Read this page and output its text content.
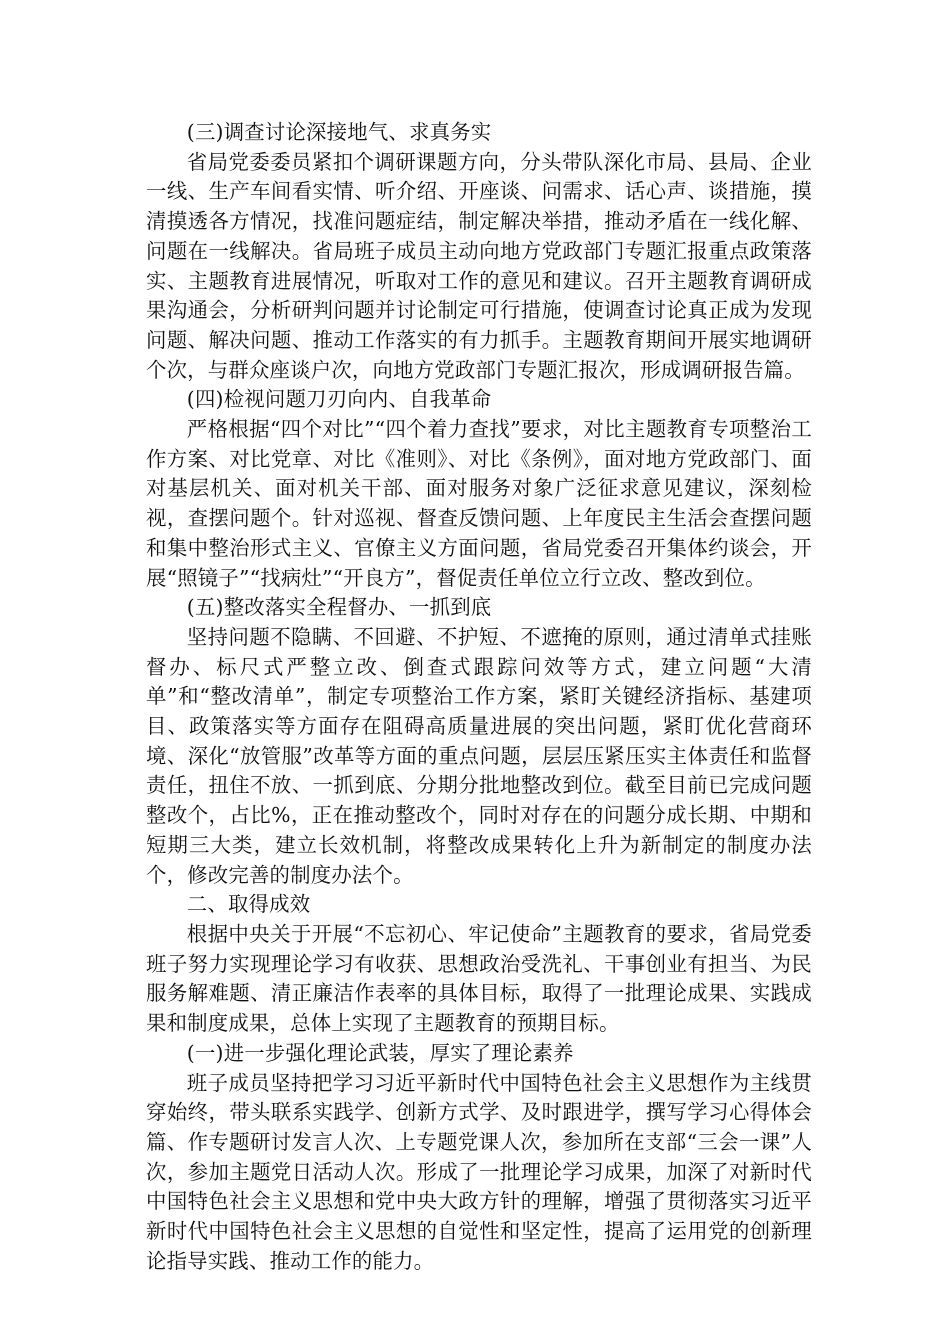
(三)调查讨论深接地气、求真务实

省局党委委员紧扣个调研课题方向，分头带队深化市局、县局、企业一线、生产车间看实情、听介绍、开座谈、问需求、话心声、谈措施，摸清摸透各方情况，找准问题症结，制定解决举措，推动矛盾在一线化解、问题在一线解决。省局班子成员主动向地方党政部门专题汇报重点政策落实、主题教育进展情况，听取对工作的意见和建议。召开主题教育调研成果沟通会，分析研判问题并讨论制定可行措施，使调查讨论真正成为发现问题、解决问题、推动工作落实的有力抓手。主题教育期间开展实地调研个次，与群众座谈户次，向地方党政部门专题汇报次，形成调研报告篇。

(四)检视问题刀刃向内、自我革命

严格根据“四个对比”“四个着力查找”要求，对比主题教育专项整治工作方案、对比党章、对比《准则》、对比《条例》，面对地方党政部门、面对基层机关、面对机关干部、面对服务对象广泛征求意见建议，深刻检视，查摆问题个。针对巡视、督查反馈问题、上年度民主生活会查摆问题和集中整治形式主义、官僚主义方面问题，省局党委召开集体约谈会，开展“照镜子”“找病灶”“开良方”，督促责任单位立行立改、整改到位。

(五)整改落实全程督办、一抓到底

坚持问题不隐瞒、不回避、不护短、不遮掩的原则，通过清单式挂账督办、标尺式严整立改、倒查式跟踪问效等方式，建立问题“大清单”和“整改清单”，制定专项整治工作方案，紧盯关键经济指标、基建项目、政策落实等方面存在阻碍高质量进展的突出问题，紧盯优化营商环境、深化“放管服”改革等方面的重点问题，层层压紧压实主体责任和监督责任，扭住不放、一抓到底、分期分批地整改到位。截至目前已完成问题整改个，占比%，正在推动整改个，同时对存在的问题分成长期、中期和短期三大类，建立长效机制，将整改成果转化上升为新制定的制度办法个，修改完善的制度办法个。

二、取得成效

根据中央关于开展“不忘初心、牢记使命”主题教育的要求，省局党委班子努力实现理论学习有收获、思想政治受洗礼、干事创业有担当、为民服务解难题、清正廉洁作表率的具体目标，取得了一批理论成果、实践成果和制度成果，总体上实现了主题教育的预期目标。

(一)进一步强化理论武装，厚实了理论素养

班子成员坚持把学习习近平新时代中国特色社会主义思想作为主线贯穿始终，带头联系实践学、创新方式学、及时跟进学，撰写学习心得体会篇、作专题研讨发言人次、上专题党课人次，参加所在支部“三会一课”人次，参加主题党日活动人次。形成了一批理论学习成果，加深了对新时代中国特色社会主义思想和党中央大政方针的理解，增强了贯彻落实习近平新时代中国特色社会主义思想的自觉性和坚定性，提高了运用党的创新理论指导实践、推动工作的能力。
